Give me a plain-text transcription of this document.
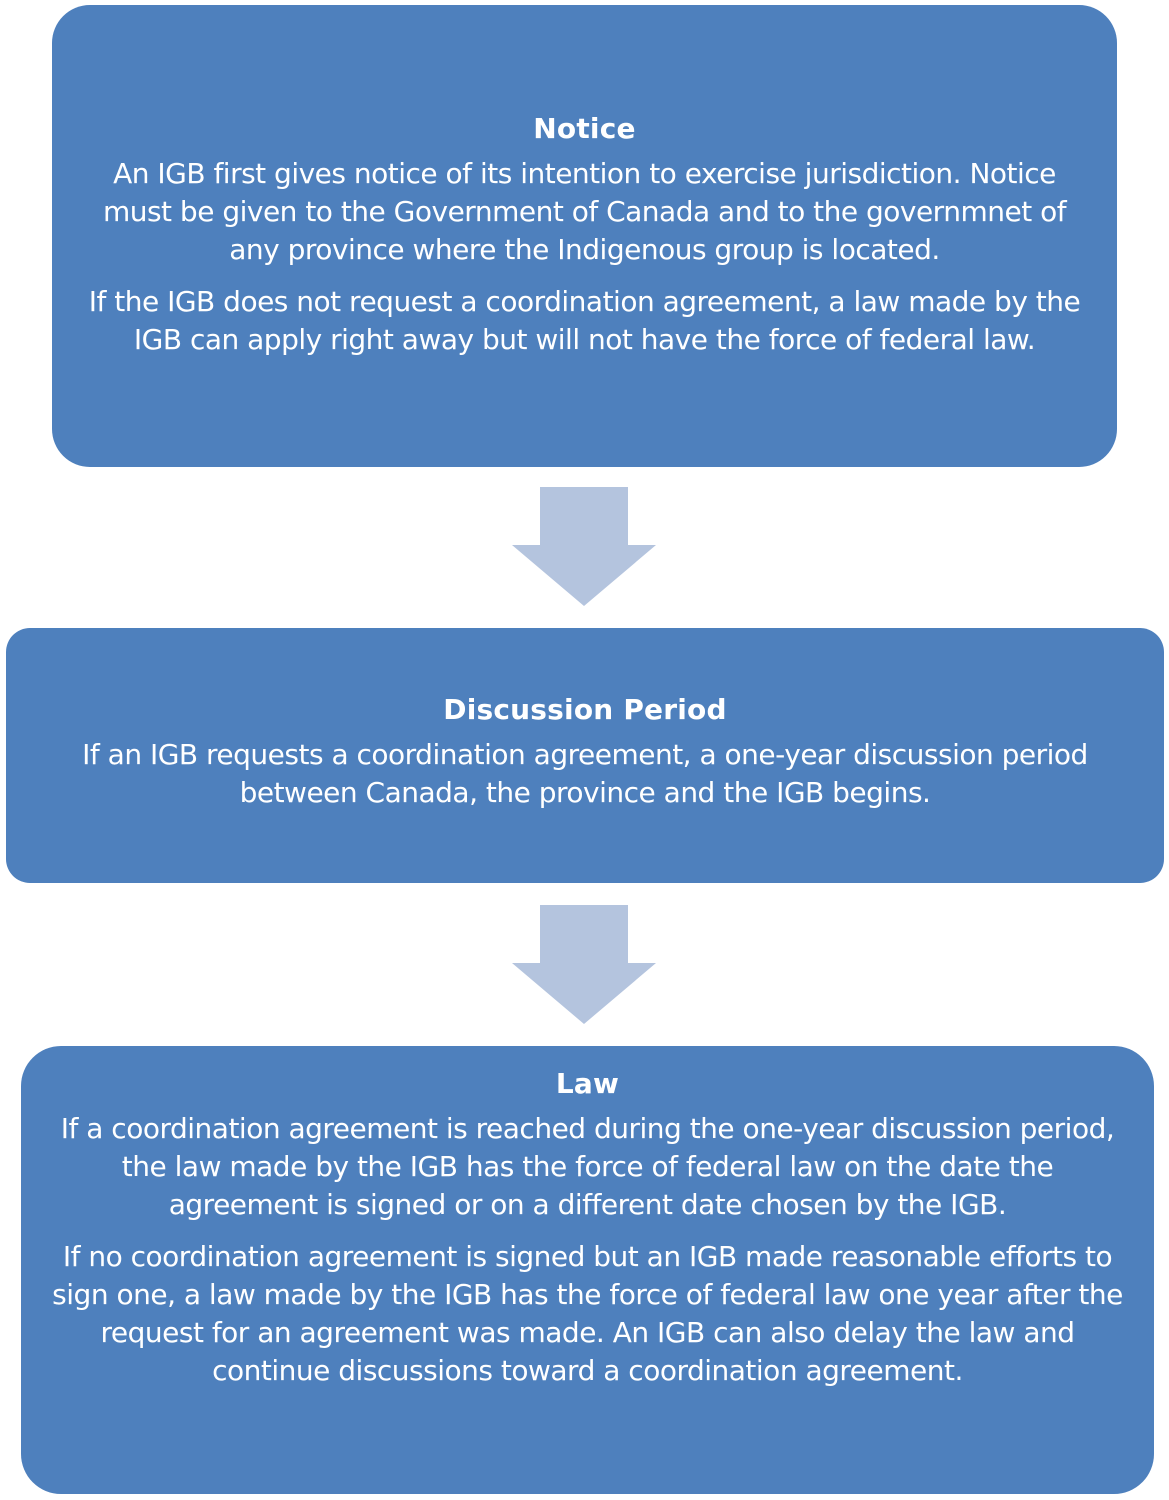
Notice
An IGB first gives notice of its intention to exercise jurisdiction. Notice must be given to the Government of Canada and to the governmnet of any province where the Indigenous group is located.
If the IGB does not request a coordination agreement, a law made by the IGB can apply right away but will not have the force of federal law.
Discussion Period
If an IGB requests a coordination agreement, a one-year discussion period between Canada, the province and the IGB begins.
Law
If a coordination agreement is reached during the one-year discussion period, the law made by the IGB has the force of federal law on the date the agreement is signed or on a different date chosen by the IGB.
If no coordination agreement is signed but an IGB made reasonable efforts to sign one, a law made by the IGB has the force of federal law one year after the request for an agreement was made. An IGB can also delay the law and continue discussions toward a coordination agreement.
